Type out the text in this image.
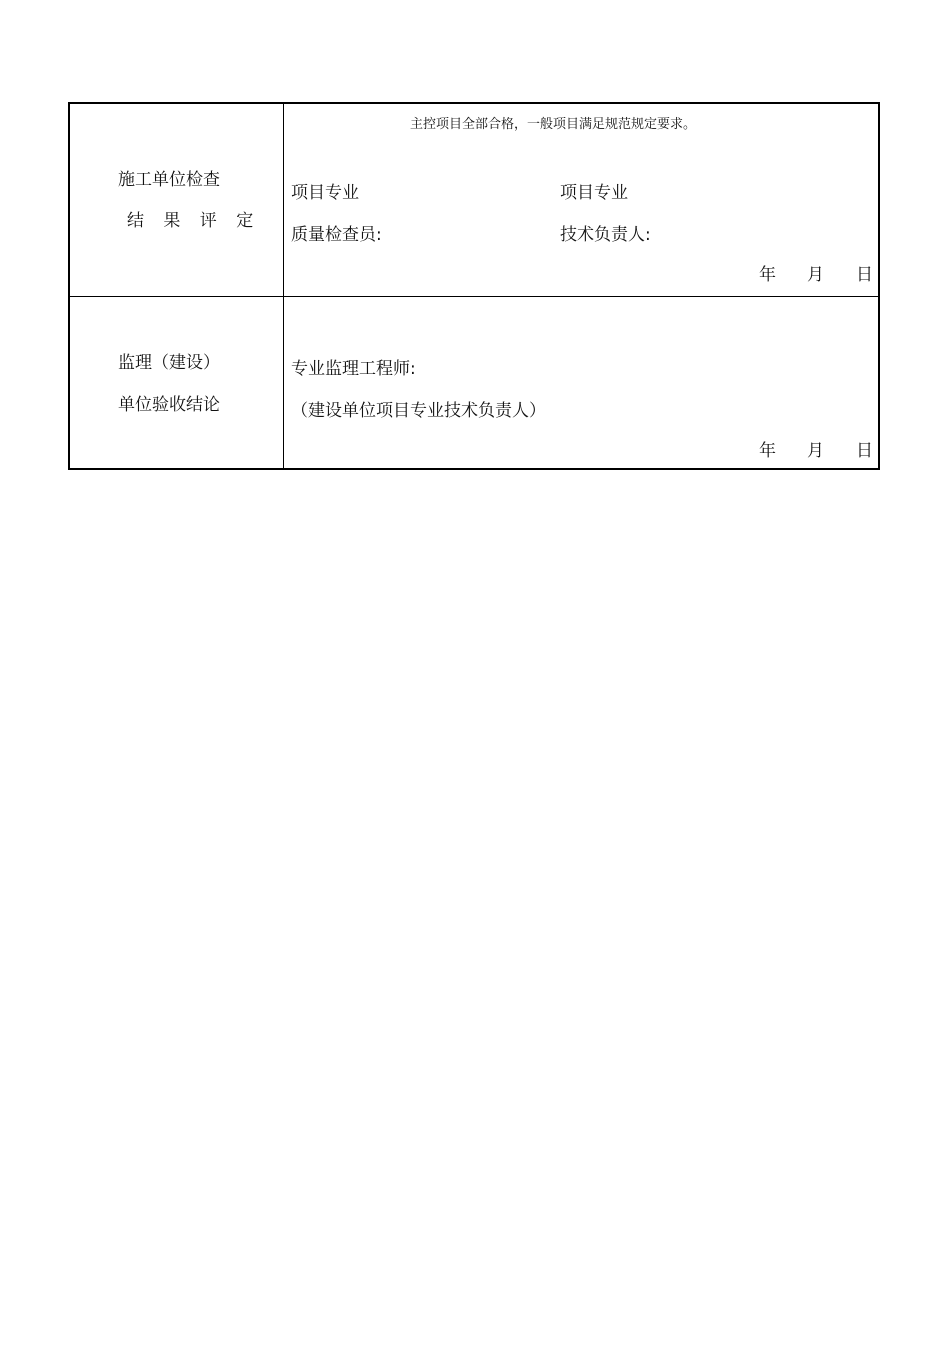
施工单位检查
结 果 评 定
主控项目全部合格，一般项目满足规范规定要求。
项目专业
质量检查员:
项目专业
技术负责人:
年 月 日
监理（建设）
单位验收结论
专业监理工程师:
（建设单位项目专业技术负责人）
年 月 日
